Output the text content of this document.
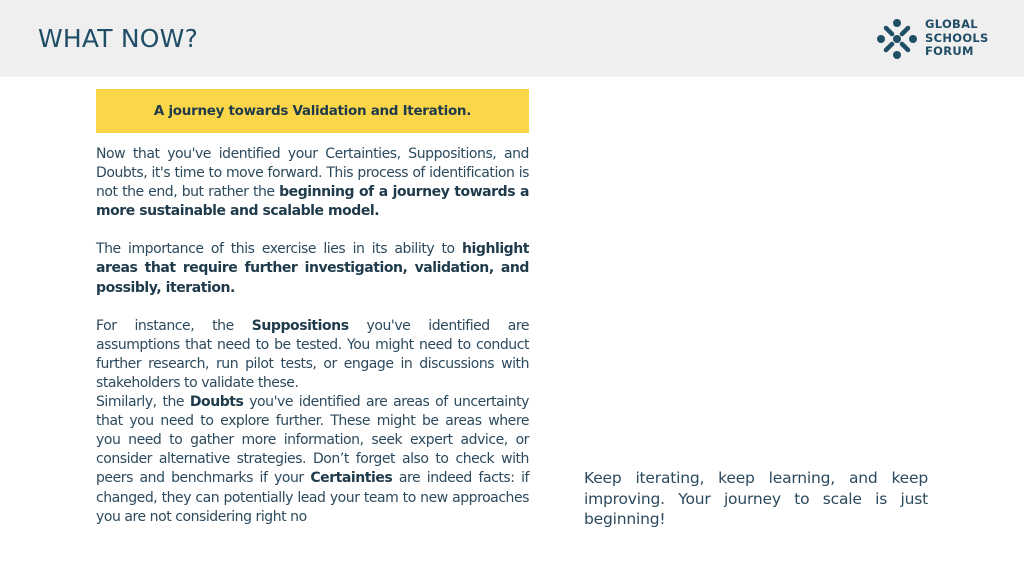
WHAT NOW?	GLOBAL
SCHOOLS
FORUM
A journey towards Validation and Iteration.

Now that you've identified your Certainties, Suppositions, and Doubts, it's time to move forward. This process of identification is not the end, but rather the beginning of a journey towards a more sustainable and scalable model.

The importance of this exercise lies in its ability to highlight areas that require further investigation, validation, and possibly, iteration.

For instance, the Suppositions you've identified are assumptions that need to be tested. You might need to conduct further research, run pilot tests, or engage in discussions with stakeholders to validate these.

Similarly, the Doubts you've identified are areas of uncertainty that you need to explore further. These might be areas where you need to gather more information, seek expert advice, or consider alternative strategies. Don’t forget also to check with peers and benchmarks if your Certainties are indeed facts: if changed, they can potentially lead your team to new approaches you are not considering right no

Keep iterating, keep learning, and keep improving. Your journey to scale is just beginning!
